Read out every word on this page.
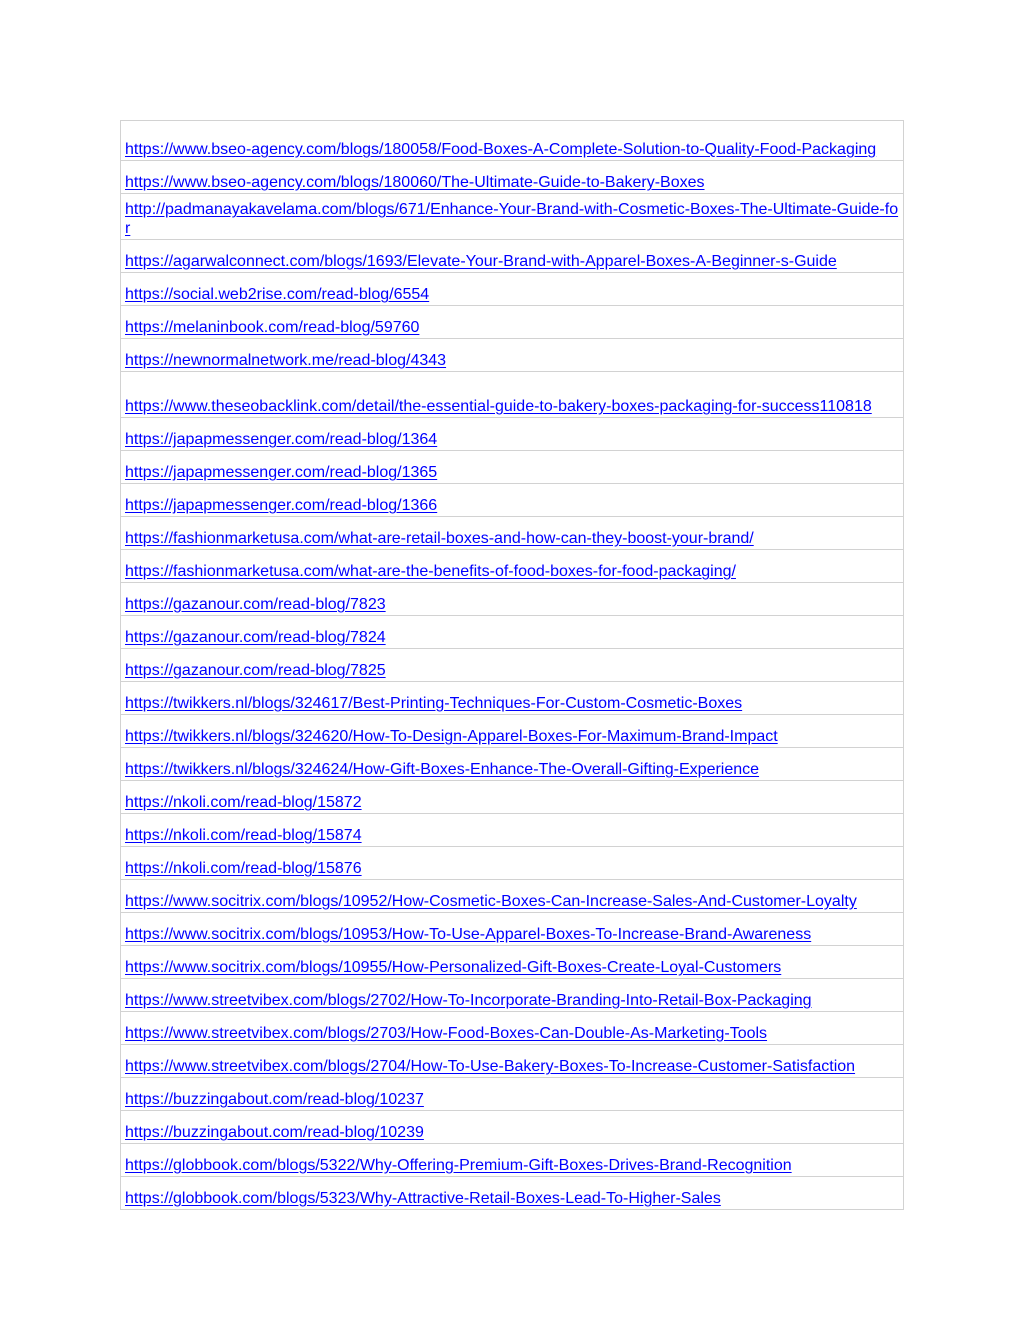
https://www.bseo-agency.com/blogs/180058/Food-Boxes-A-Complete-Solution-to-Quality-Food-Packaging
https://www.bseo-agency.com/blogs/180060/The-Ultimate-Guide-to-Bakery-Boxes
http://padmanayakavelama.com/blogs/671/Enhance-Your-Brand-with-Cosmetic-Boxes-The-Ultimate-Guide-for
https://agarwalconnect.com/blogs/1693/Elevate-Your-Brand-with-Apparel-Boxes-A-Beginner-s-Guide
https://social.web2rise.com/read-blog/6554
https://melaninbook.com/read-blog/59760
https://newnormalnetwork.me/read-blog/4343
https://www.theseobacklink.com/detail/the-essential-guide-to-bakery-boxes-packaging-for-success110818
https://japapmessenger.com/read-blog/1364
https://japapmessenger.com/read-blog/1365
https://japapmessenger.com/read-blog/1366
https://fashionmarketusa.com/what-are-retail-boxes-and-how-can-they-boost-your-brand/
https://fashionmarketusa.com/what-are-the-benefits-of-food-boxes-for-food-packaging/
https://gazanour.com/read-blog/7823
https://gazanour.com/read-blog/7824
https://gazanour.com/read-blog/7825
https://twikkers.nl/blogs/324617/Best-Printing-Techniques-For-Custom-Cosmetic-Boxes
https://twikkers.nl/blogs/324620/How-To-Design-Apparel-Boxes-For-Maximum-Brand-Impact
https://twikkers.nl/blogs/324624/How-Gift-Boxes-Enhance-The-Overall-Gifting-Experience
https://nkoli.com/read-blog/15872
https://nkoli.com/read-blog/15874
https://nkoli.com/read-blog/15876
https://www.socitrix.com/blogs/10952/How-Cosmetic-Boxes-Can-Increase-Sales-And-Customer-Loyalty
https://www.socitrix.com/blogs/10953/How-To-Use-Apparel-Boxes-To-Increase-Brand-Awareness
https://www.socitrix.com/blogs/10955/How-Personalized-Gift-Boxes-Create-Loyal-Customers
https://www.streetvibex.com/blogs/2702/How-To-Incorporate-Branding-Into-Retail-Box-Packaging
https://www.streetvibex.com/blogs/2703/How-Food-Boxes-Can-Double-As-Marketing-Tools
https://www.streetvibex.com/blogs/2704/How-To-Use-Bakery-Boxes-To-Increase-Customer-Satisfaction
https://buzzingabout.com/read-blog/10237
https://buzzingabout.com/read-blog/10239
https://globbook.com/blogs/5322/Why-Offering-Premium-Gift-Boxes-Drives-Brand-Recognition
https://globbook.com/blogs/5323/Why-Attractive-Retail-Boxes-Lead-To-Higher-Sales
